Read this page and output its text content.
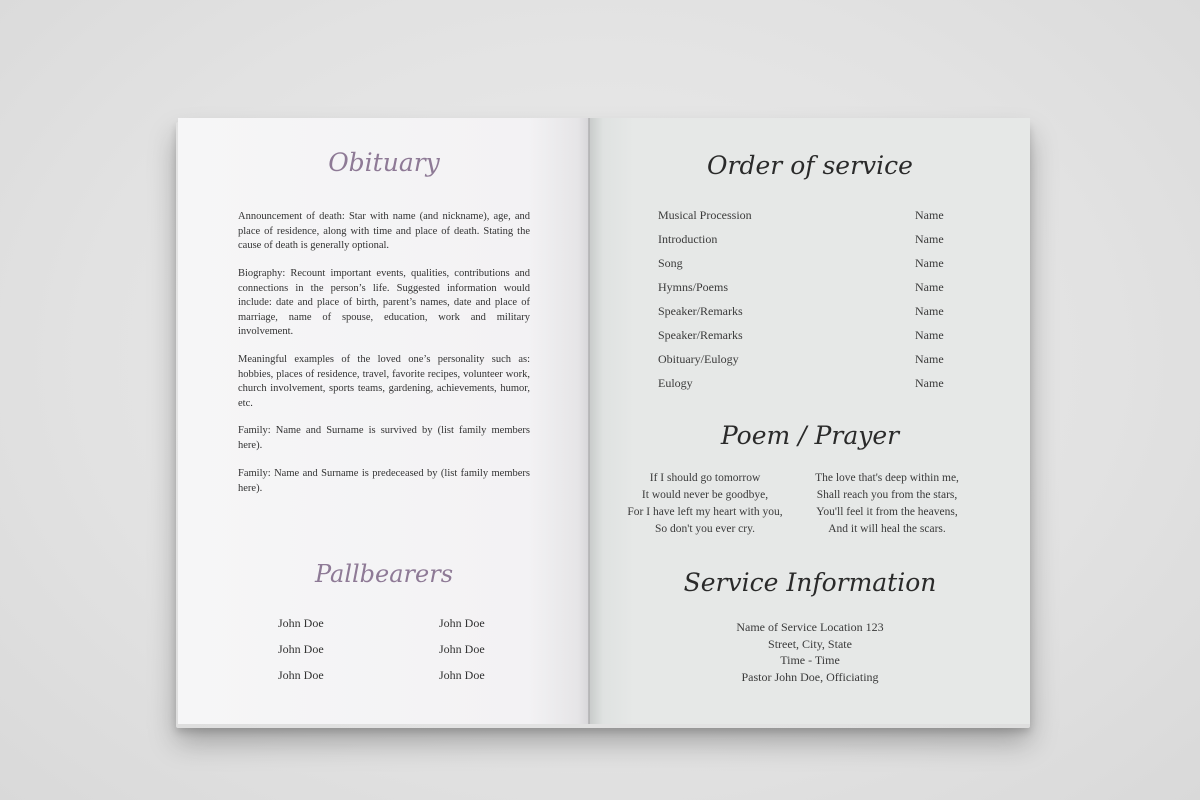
Obituary

Announcement of death: Star with name (and nickname), age, and place of residence, along with time and place of death. Stating the cause of death is generally optional.

Biography: Recount important events, qualities, contributions and connections in the person’s life. Suggested information would include: date and place of birth, parent’s names, date and place of marriage, name of spouse, education, work and military involvement.

Meaningful examples of the loved one’s personality such as: hobbies, places of residence, travel, favorite recipes, volunteer work, church involvement, sports teams, gardening, achievements, humor, etc.

Family: Name and Surname is survived by (list family members here).

Family: Name and Surname is predeceased by (list family members here).

Pallbearers
John Doe	John Doe
John Doe	John Doe
John Doe	John Doe
Order of service
Musical Procession	Name
Introduction	Name
Song	Name
Hymns/Poems	Name
Speaker/Remarks	Name
Speaker/Remarks	Name
Obituary/Eulogy	Name
Eulogy	Name
Poem / Prayer
If I should go tomorrow
It would never be goodbye,
For I have left my heart with you,
So don't you ever cry.
The love that's deep within me,
Shall reach you from the stars,
You'll feel it from the heavens,
And it will heal the scars.
Service Information
Name of Service Location 123
Street, City, State
Time - Time
Pastor John Doe, Officiating
